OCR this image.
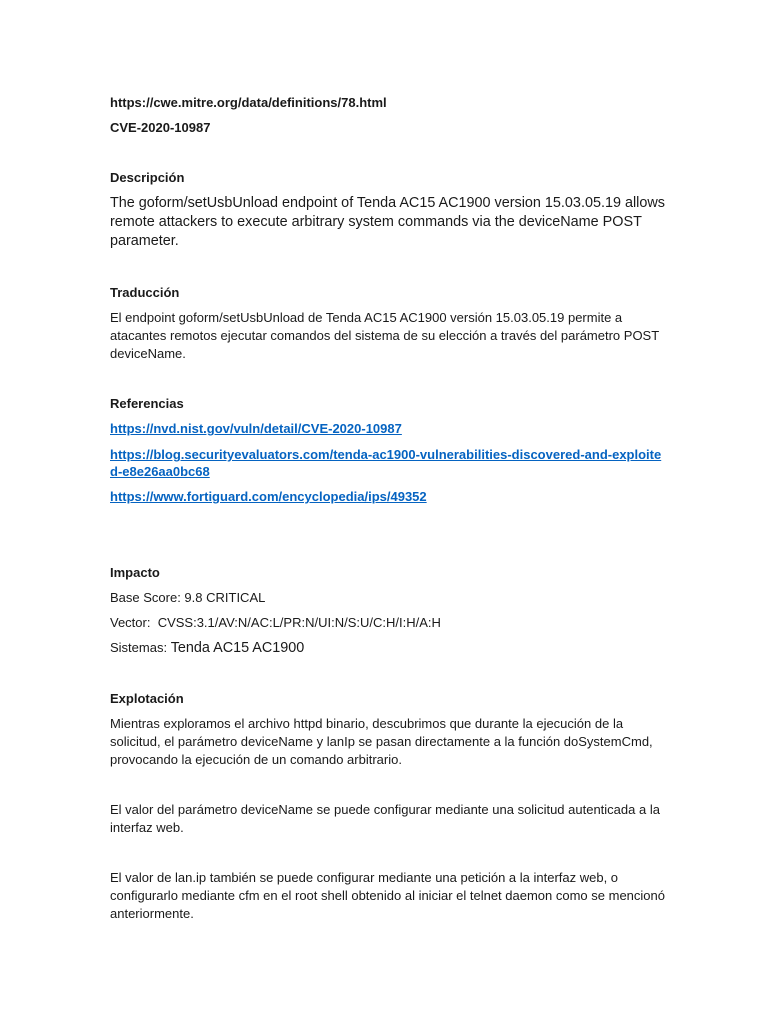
https://cwe.mitre.org/data/definitions/78.html
CVE-2020-10987
Descripción
The goform/setUsbUnload endpoint of Tenda AC15 AC1900 version 15.03.05.19 allows remote attackers to execute arbitrary system commands via the deviceName POST parameter.
Traducción
El endpoint goform/setUsbUnload de Tenda AC15 AC1900 versión 15.03.05.19 permite a atacantes remotos ejecutar comandos del sistema de su elección a través del parámetro POST deviceName.
Referencias
https://nvd.nist.gov/vuln/detail/CVE-2020-10987
https://blog.securityevaluators.com/tenda-ac1900-vulnerabilities-discovered-and-exploited-e8e26aa0bc68
https://www.fortiguard.com/encyclopedia/ips/49352
Impacto
Base Score: 9.8 CRITICAL
Vector:  CVSS:3.1/AV:N/AC:L/PR:N/UI:N/S:U/C:H/I:H/A:H
Sistemas: Tenda AC15 AC1900
Explotación
Mientras exploramos el archivo httpd binario, descubrimos que durante la ejecución de la solicitud, el parámetro deviceName y lanIp se pasan directamente a la función doSystemCmd, provocando la ejecución de un comando arbitrario.
El valor del parámetro deviceName se puede configurar mediante una solicitud autenticada a la interfaz web.
El valor de lan.ip también se puede configurar mediante una petición a la interfaz web, o configurarlo mediante cfm en el root shell obtenido al iniciar el telnet daemon como se mencionó anteriormente.
